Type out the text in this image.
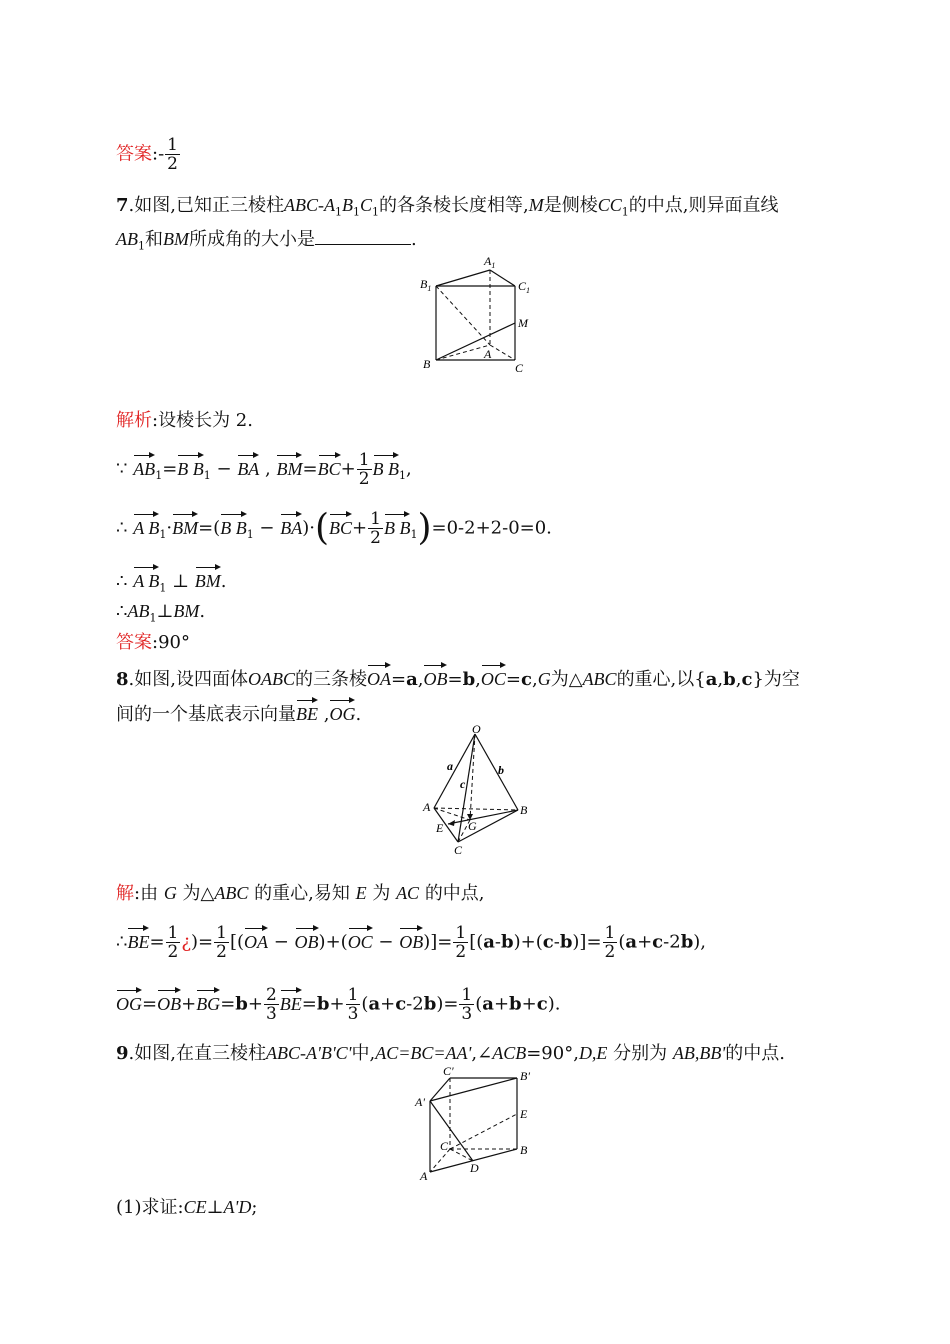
答案:- $\frac{1}{2}$
7.如图,已知正三棱柱ABC-$A_1B_1C_1$的各条棱长度相等,M是侧棱$CC_1$的中点,则异面直线
$AB_1$和BM所成角的大小是	.
$B_1$
$A_1$
$C_1$
M
A
B	C
解析:设棱长为 2.
∵ $AB_1=B$ $B_1$ − BA , $BM=BC+ \frac{1}{2}$ B $B_1$,
∴ A $B_1\cdot BM=(B$ $B_1 - BA)\cdot(BC+ \frac{1}{2}$ B $B_1)=0-2+2-0=0$.
∴ A $B_1$ ⊥ BM.
$\therefore AB_1\perp BM$.
答案:90°
8.如图,设四面体OABC的三条棱OA=a,OB=b,OC=c,G为△ABC的重心,以{a,b,c}为空
间的一个基底表示向量BE ,OG.
O
a	b
c
A	B
E G
C
解:由 G 为△ABC 的重心,易知 E 为 AC 的中点,
∴BE= $\frac{1}{2}$ ¿)= $\frac{1}{2} [(OA - OB)+(OC - OB)]= \frac{1}{2} [(a-b)+(c-b)]= \frac{1}{2} (a+c-2b)$,
$OG=OB+BG=b+ \frac{2}{3} BE=b+ \frac{1}{3} (a+c-2b)= \frac{1}{3} (a+b+c)$.
9.如图,在直三棱柱ABC-A'B'C'中,AC=BC=AA',∠ACB=90°,D,E 分别为 AB,BB'的中点.
C'	B'
A'
E
C	B
A
D
(1)求证:CE⊥A'D;
